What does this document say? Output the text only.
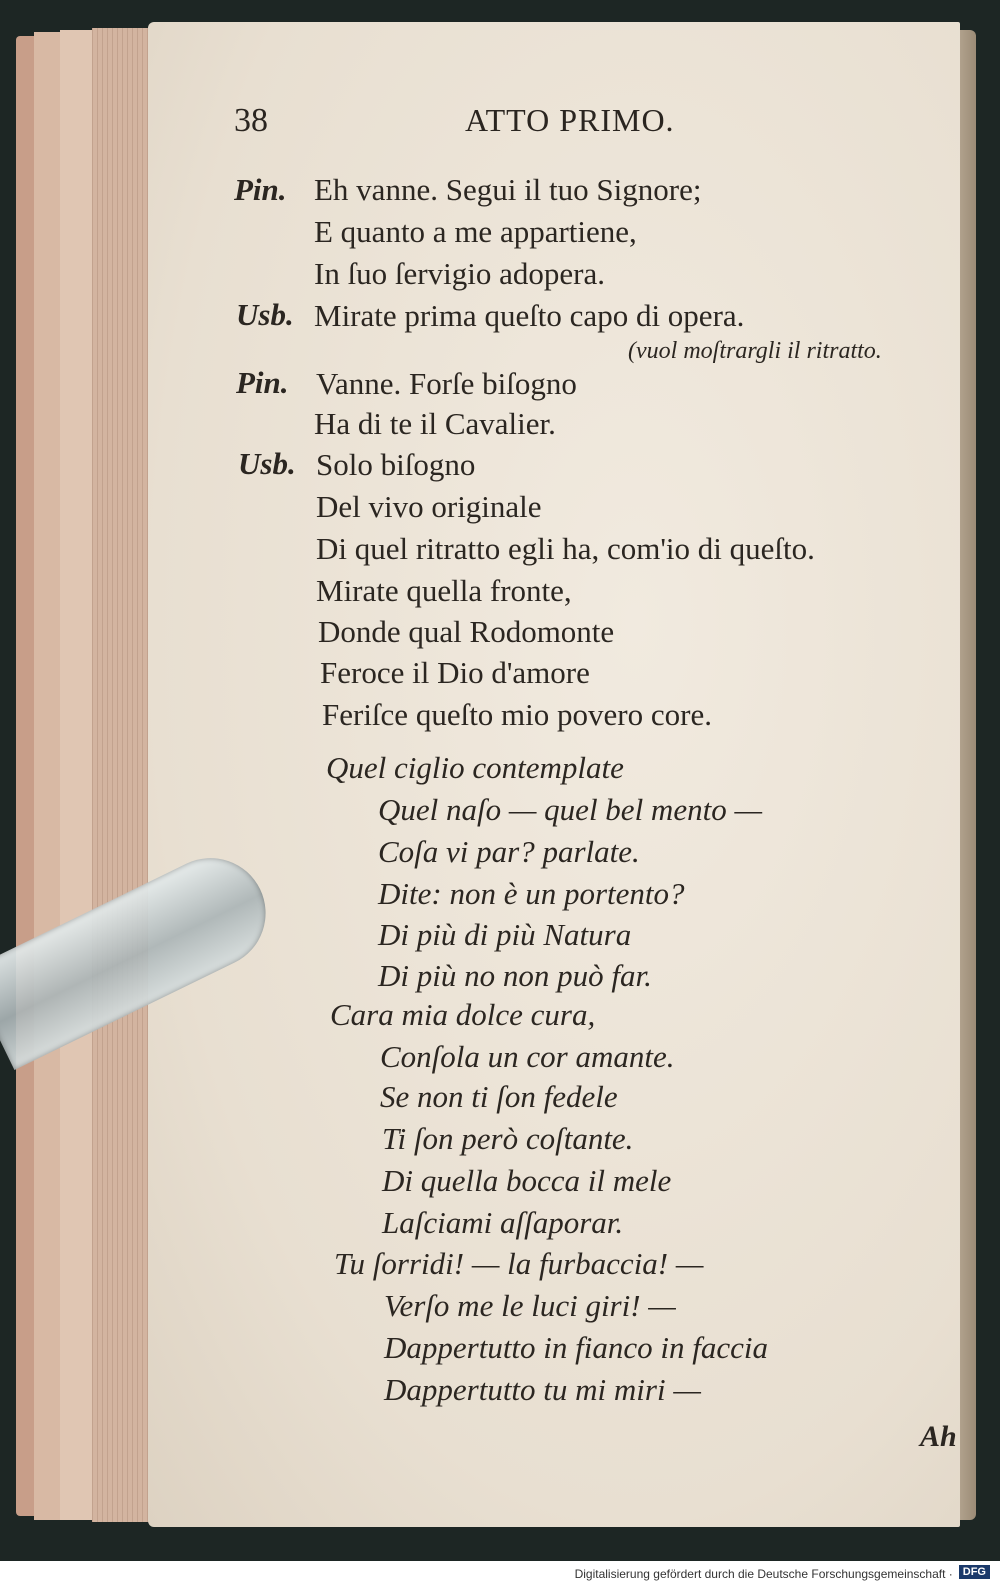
38	ATTO PRIMO.
Pin. Eh vanne. Segui il tuo Signore;
E quanto a me appartiene,
In ſuo ſervigio adopera.
Usb. Mirate prima queſto capo di opera.
(vuol moſtrargli il ritratto.
Pin. Vanne. Forſe biſogno
Ha di te il Cavalier.
Usb. Solo biſogno
Del vivo originale
Di quel ritratto egli ha, com'io di queſto.
Mirate quella fronte,
Donde qual Rodomonte
Feroce il Dio d'amore
Feriſce queſto mio povero core.
Quel ciglio contemplate
Quel naſo — quel bel mento —
Coſa vi par? parlate.
Dite: non è un portento?
Di più di più Natura
Di più no non può far.
Cara mia dolce cura,
Conſola un cor amante.
Se non ti ſon fedele
Ti ſon però coſtante.
Di quella bocca il mele
Laſciami aſſaporar.
Tu ſorridi! — la furbaccia! —
Verſo me le luci giri! —
Dappertutto in fianco in faccia
Dappertutto tu mi miri —
Ah
Digitalisierung gefördert durch die Deutsche Forschungsgemeinschaft · DFG
